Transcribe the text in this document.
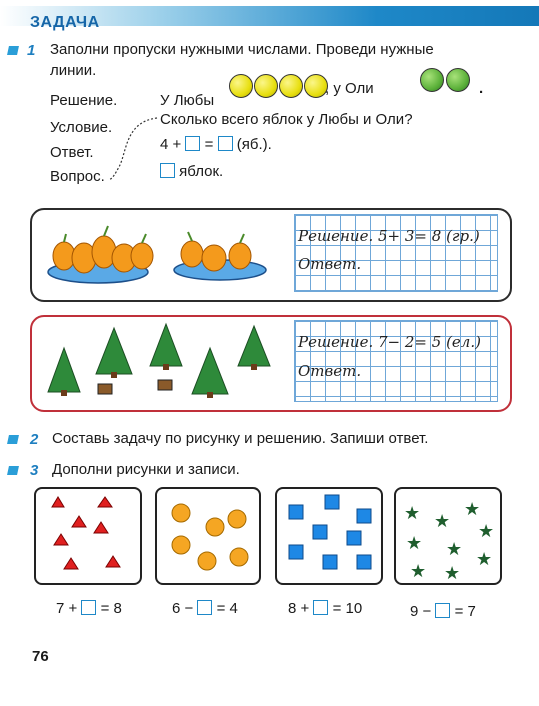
ЗАДАЧА
1 Заполни пропуски нужными числами. Проведи нужные
линии.
Решение.
Условие.
Ответ.
Вопрос.
У Любы
, у Оли	.
Сколько всего яблок у Любы и Оли?
4 + = (яб.).
яблок.
Решение. 5+ 3= 8 (гр.)
Ответ.
Решение. 7− 2= 5 (ел.)
Ответ.
2 Составь задачу по рисунку и решению. Запиши ответ.
3 Дополни рисунки и записи.
★ ★
★
★
★ ★ ★
★ ★
7 + = 8	6 − = 4	8 + = 10	9 − = 7
76
